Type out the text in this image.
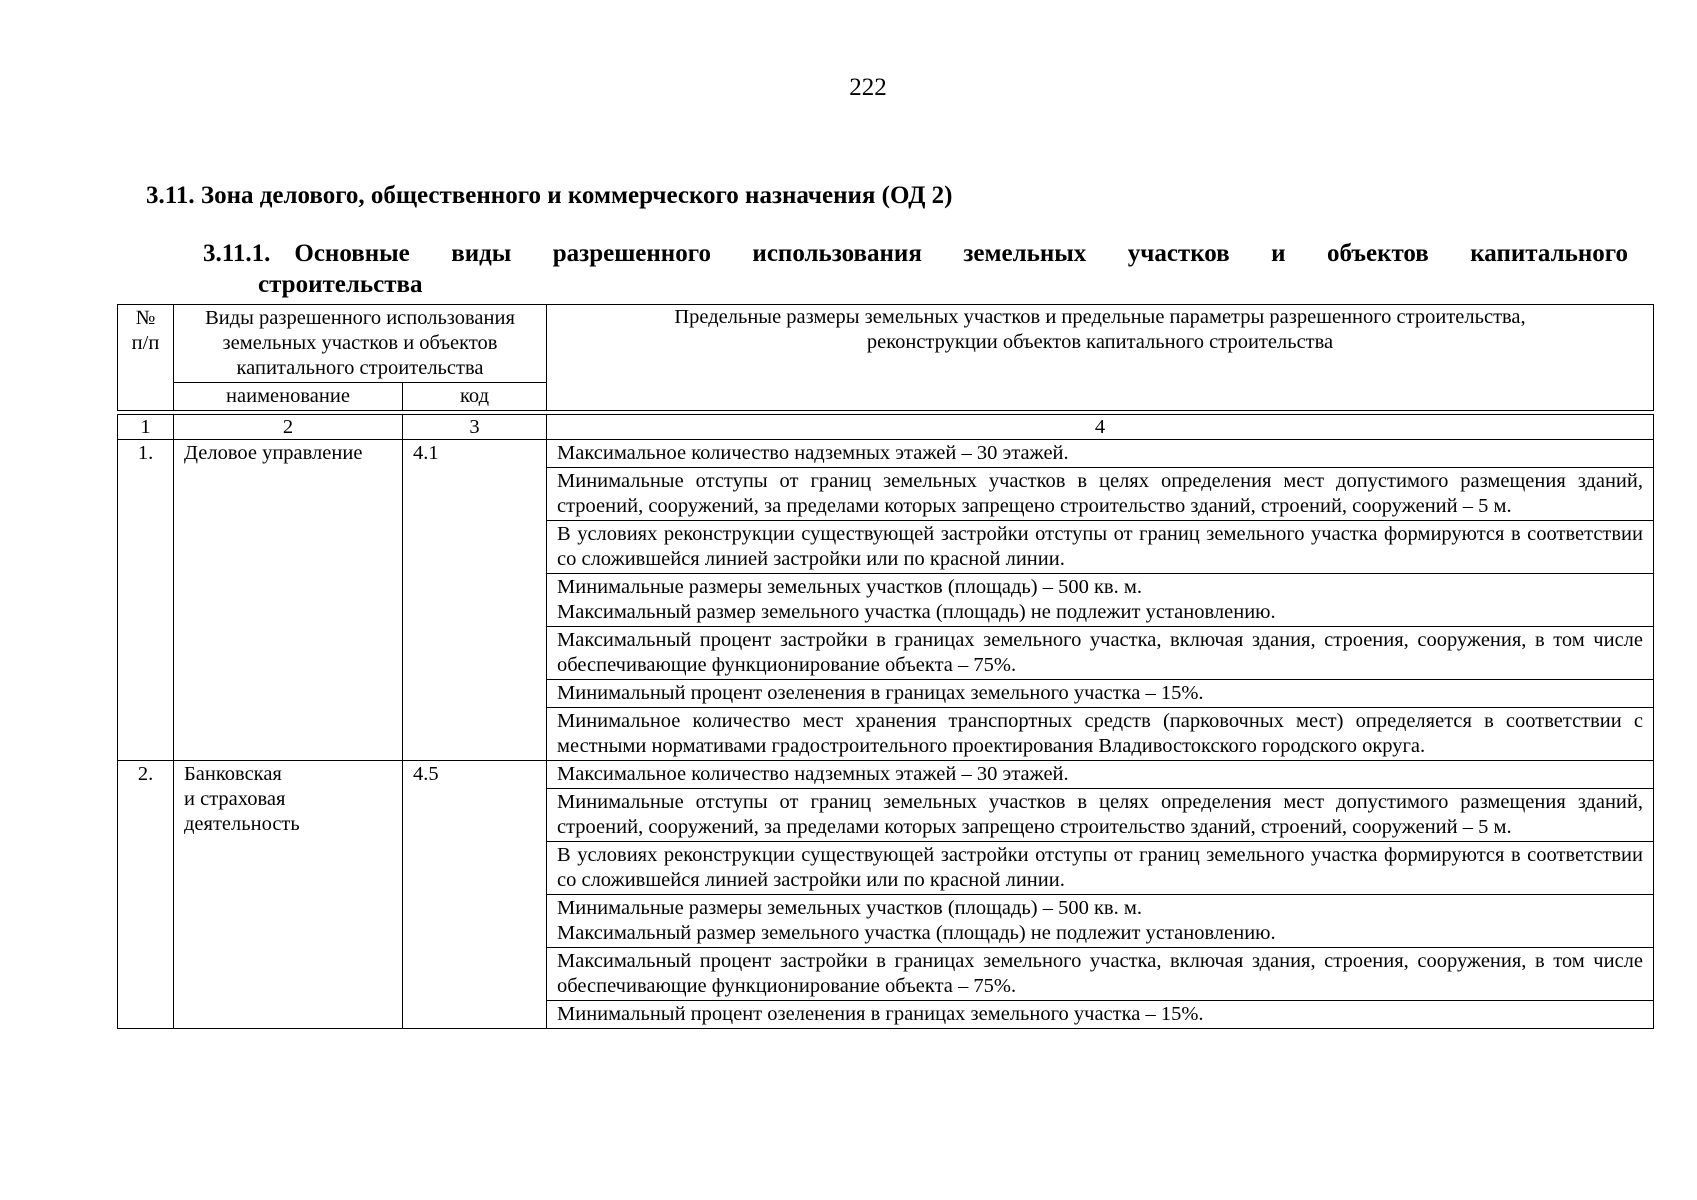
222
3.11. Зона делового, общественного и коммерческого назначения (ОД 2)
3.11.1. Основные виды разрешенного использования земельных участков и объектов капитального
строительства
№ п/п	Виды разрешенного использования земельных участков и объектов капитального строительства		Предельные размеры земельных участков и предельные параметры разрешенного строительства, реконструкции объектов капитального строительства
	наименование	код	

1	2	3	4
1.	Деловое управление	4.1	Максимальное количество надземных этажей – 30 этажей.
			Минимальные отступы от границ земельных участков в целях определения мест допустимого размещения зданий, строений, сооружений, за пределами которых запрещено строительство зданий, строений, сооружений – 5 м.
			В условиях реконструкции существующей застройки отступы от границ земельного участка формируются в соответствии со сложившейся линией застройки или по красной линии.
			Минимальные размеры земельных участков (площадь) – 500 кв. м.
Максимальный размер земельного участка (площадь) не подлежит установлению.
			Максимальный процент застройки в границах земельного участка, включая здания, строения, сооружения, в том числе обеспечивающие функционирование объекта – 75%.
			Минимальный процент озеленения в границах земельного участка – 15%.
			Минимальное количество мест хранения транспортных средств (парковочных мест) определяется в соответствии с местными нормативами градостроительного проектирования Владивостокского городского округа.
2.	Банковская
и страховая
деятельность	4.5	Максимальное количество надземных этажей – 30 этажей.
			Минимальные отступы от границ земельных участков в целях определения мест допустимого размещения зданий, строений, сооружений, за пределами которых запрещено строительство зданий, строений, сооружений – 5 м.
			В условиях реконструкции существующей застройки отступы от границ земельного участка формируются в соответствии со сложившейся линией застройки или по красной линии.
			Минимальные размеры земельных участков (площадь) – 500 кв. м.
Максимальный размер земельного участка (площадь) не подлежит установлению.
			Максимальный процент застройки в границах земельного участка, включая здания, строения, сооружения, в том числе обеспечивающие функционирование объекта – 75%.
			Минимальный процент озеленения в границах земельного участка – 15%.
